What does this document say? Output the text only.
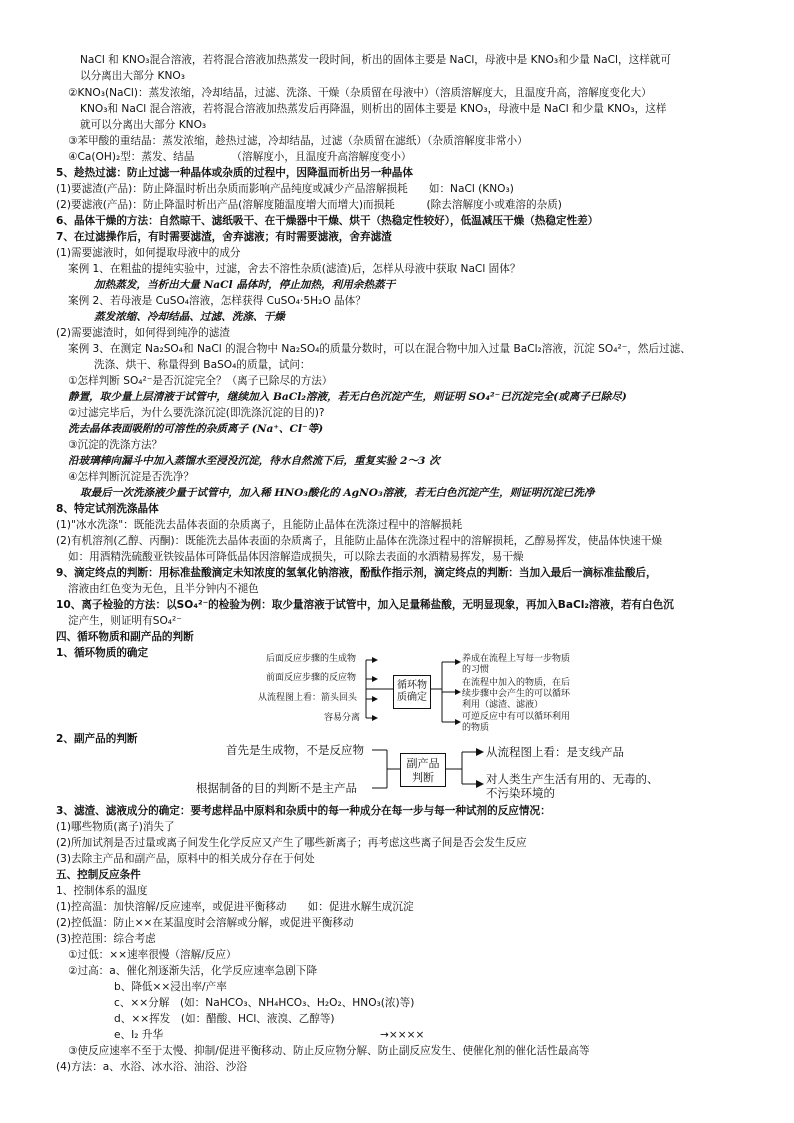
NaCl 和 KNO₃混合溶液，若将混合溶液加热蒸发一段时间，析出的固体主要是 NaCl，母液中是 KNO₃和少量 NaCl，这样就可
以分离出大部分 KNO₃
②KNO₃(NaCl)：蒸发浓缩，冷却结晶，过滤、洗涤、干燥（杂质留在母液中）（溶质溶解度大，且温度升高，溶解度变化大）
KNO₃和 NaCl 混合溶液，若将混合溶液加热蒸发后再降温，则析出的固体主要是 KNO₃，母液中是 NaCl 和少量 KNO₃，这样
就可以分离出大部分 KNO₃
③苯甲酸的重结晶：蒸发浓缩，趁热过滤，冷却结晶，过滤（杂质留在滤纸）（杂质溶解度非常小）
④Ca(OH)₂型：蒸发、结晶　　　　（溶解度小，且温度升高溶解度变小）
5、趁热过滤：防止过滤一种晶体或杂质的过程中，因降温而析出另一种晶体
(1)要滤渣(产品)：防止降温时析出杂质而影响产品纯度或减少产品溶解损耗　　如：NaCl (KNO₃)
(2)要滤液(产品)：防止降温时析出产品(溶解度随温度增大而增大)而损耗　　　(除去溶解度小或难溶的杂质)
6、晶体干燥的方法：自然晾干、滤纸吸干、在干燥器中干燥、烘干（热稳定性较好），低温减压干燥（热稳定性差）
7、在过滤操作后，有时需要滤渣，舍弃滤液；有时需要滤液，舍弃滤渣
(1)需要滤液时，如何提取母液中的成分
案例 1、在粗盐的提纯实验中，过滤，舍去不溶性杂质(滤渣)后，怎样从母液中获取 NaCl 固体？
加热蒸发，当析出大量 NaCl 晶体时，停止加热，利用余热蒸干
案例 2、若母液是 CuSO₄溶液，怎样获得 CuSO₄·5H₂O 晶体？
蒸发浓缩、冷却结晶、过滤、洗涤、干燥
(2)需要滤渣时，如何得到纯净的滤渣
案例 3、在测定 Na₂SO₄和 NaCl 的混合物中 Na₂SO₄的质量分数时，可以在混合物中加入过量 BaCl₂溶液，沉淀 SO₄²⁻，然后过滤、
洗涤、烘干、称量得到 BaSO₄的质量，试问：
①怎样判断 SO₄²⁻是否沉淀完全？（离子已除尽的方法）
静置，取少量上层清液于试管中，继续加入 BaCl₂溶液，若无白色沉淀产生，则证明 SO₄²⁻已沉淀完全(或离子已除尽)
②过滤完毕后，为什么要洗涤沉淀(即洗涤沉淀的目的)?
洗去晶体表面吸附的可溶性的杂质离子 (Na⁺、Cl⁻等)
③沉淀的洗涤方法？
沿玻璃棒向漏斗中加入蒸馏水至浸没沉淀，待水自然流下后，重复实验 2～3 次
④怎样判断沉淀是否洗净？
取最后一次洗涤液少量于试管中，加入稀 HNO₃酸化的 AgNO₃溶液，若无白色沉淀产生，则证明沉淀已洗净
8、特定试剂洗涤晶体
(1)"冰水洗涤"：既能洗去晶体表面的杂质离子，且能防止晶体在洗涤过程中的溶解损耗
(2)有机溶剂(乙醇、丙酮)：既能洗去晶体表面的杂质离子，且能防止晶体在洗涤过程中的溶解损耗，乙醇易挥发，使晶体快速干燥
如：用酒精洗硫酸亚铁铵晶体可降低晶体因溶解造成损失，可以除去表面的水酒精易挥发，易干燥
9、滴定终点的判断：用标准盐酸滴定未知浓度的氢氧化钠溶液，酚酞作指示剂，滴定终点的判断：当加入最后一滴标准盐酸后，
溶液由红色变为无色，且半分钟内不褪色
10、离子检验的方法：以SO₄²⁻的检验为例：取少量溶液于试管中，加入足量稀盐酸，无明显现象，再加入BaCl₂溶液，若有白色沉
淀产生，则证明有SO₄²⁻
四、循环物质和副产品的判断
1、循环物质的确定	后面反应步骤的生成物
前面反应步骤的反应物
从流程图上看：箭头回头
容易分离
循环物质确定
养成在流程上写每一步物质的习惯
在流程中加入的物质，在后续步骤中会产生的可以循环利用（滤渣、滤液）
可逆反应中有可以循环利用的物质
2、副产品的判断
首先是生成物，不是反应物
根据制备的目的判断不是主产品
副产品判断
从流程图上看：是支线产品
对人类生产生活有用的、无毒的、不污染环境的
3、滤渣、滤液成分的确定：要考虑样品中原料和杂质中的每一种成分在每一步与每一种试剂的反应情况：
(1)哪些物质(离子)消失了
(2)所加试剂是否过量或离子间发生化学反应又产生了哪些新离子；再考虑这些离子间是否会发生反应
(3)去除主产品和副产品，原料中的相关成分存在于何处
五、控制反应条件
1、控制体系的温度
(1)控高温：加快溶解/反应速率，或促进平衡移动　　如：促进水解生成沉淀
(2)控低温：防止××在某温度时会溶解或分解，或促进平衡移动
(3)控范围：综合考虑
①过低：××速率很慢（溶解/反应）
②过高：a、催化剂逐渐失活，化学反应速率急剧下降
b、降低××浸出率/产率
c、××分解　(如：NaHCO₃、NH₄HCO₃、H₂O₂、HNO₃(浓)等)
d、××挥发　(如：醋酸、HCl、液溴、乙醇等)
e、I₂ 升华	→××××
③使反应速率不至于太慢、抑制/促进平衡移动、防止反应物分解、防止副反应发生、使催化剂的催化活性最高等
(4)方法：a、水浴、冰水浴、油浴、沙浴
